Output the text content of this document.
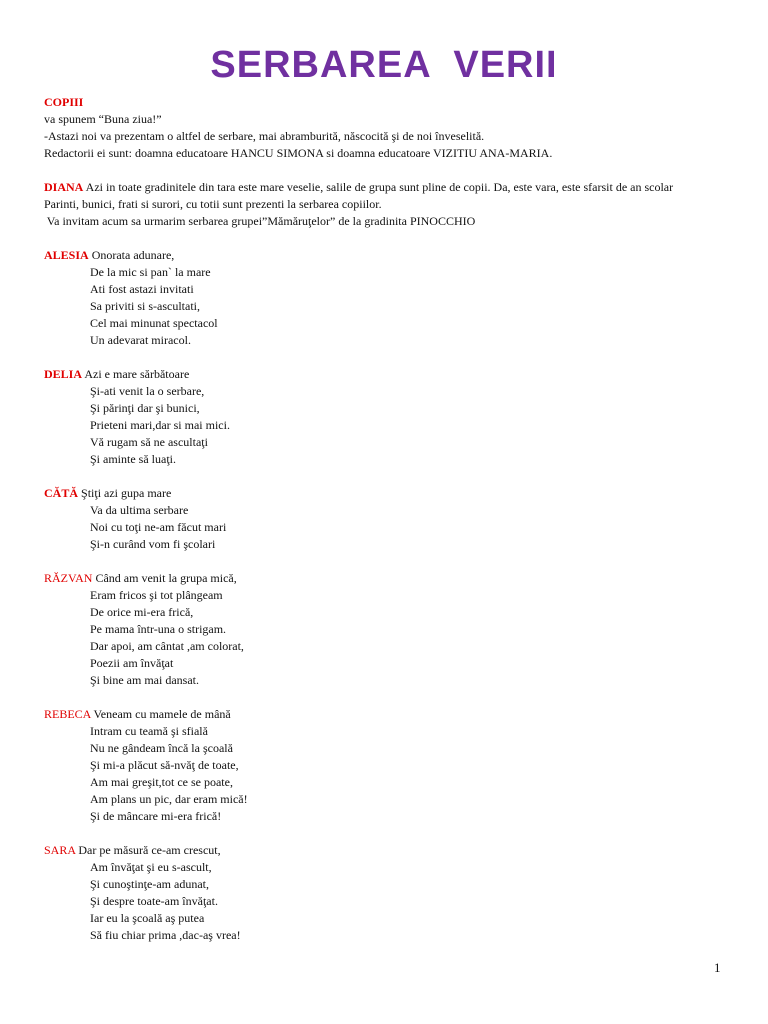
SERBAREA  VERII
COPIII
va spunem “Buna ziua!”
-Astazi noi va prezentam o altfel de serbare, mai abramburită, născocită şi de noi înveselită.
Redactorii ei sunt: doamna educatoare HANCU SIMONA si doamna educatoare VIZITIU ANA-MARIA.
DIANA Azi in toate gradinitele din tara este mare veselie, salile de grupa sunt pline de copii. Da, este vara, este sfarsit de an scolar
Parinti, bunici, frati si surori, cu totii sunt prezenti la serbarea copiilor.
Va invitam acum sa urmarim serbarea grupei”Mămăruţelor” de la gradinita PINOCCHIO
ALESIA Onorata adunare,
De la mic si pan` la mare
Ati fost astazi invitati
Sa priviti si s-ascultati,
Cel mai minunat spectacol
Un adevarat miracol.
DELIA Azi e mare sărbătoare
Şi-ati venit la o serbare,
Şi părinţi dar şi bunici,
Prieteni mari,dar si mai mici.
Vă rugam să ne ascultaţi
Şi aminte să luaţi.
CĂTĂ Ştiţi azi gupa mare
Va da ultima serbare
Noi cu toţi ne-am făcut mari
Şi-n curând vom fi şcolari
RĂZVAN Când am venit la grupa mică,
Eram fricos şi tot plângeam
De orice mi-era frică,
Pe mama într-una o strigam.
Dar apoi, am cântat ,am colorat,
Poezii am învăţat
Şi bine am mai dansat.
REBECA Veneam cu mamele de mână
Intram cu teamă şi sfială
Nu ne gândeam încă la şcoală
Şi mi-a plăcut să-nvăţ de toate,
Am mai greşit,tot ce se poate,
Am plans un pic, dar eram mică!
Şi de mâncare mi-era frică!
SARA Dar pe măsură ce-am crescut,
Am învăţat şi eu s-ascult,
Şi cunoştinţe-am adunat,
Şi despre toate-am învăţat.
Iar eu la şcoală aş putea
Să fiu chiar prima ,dac-aş vrea!
1
